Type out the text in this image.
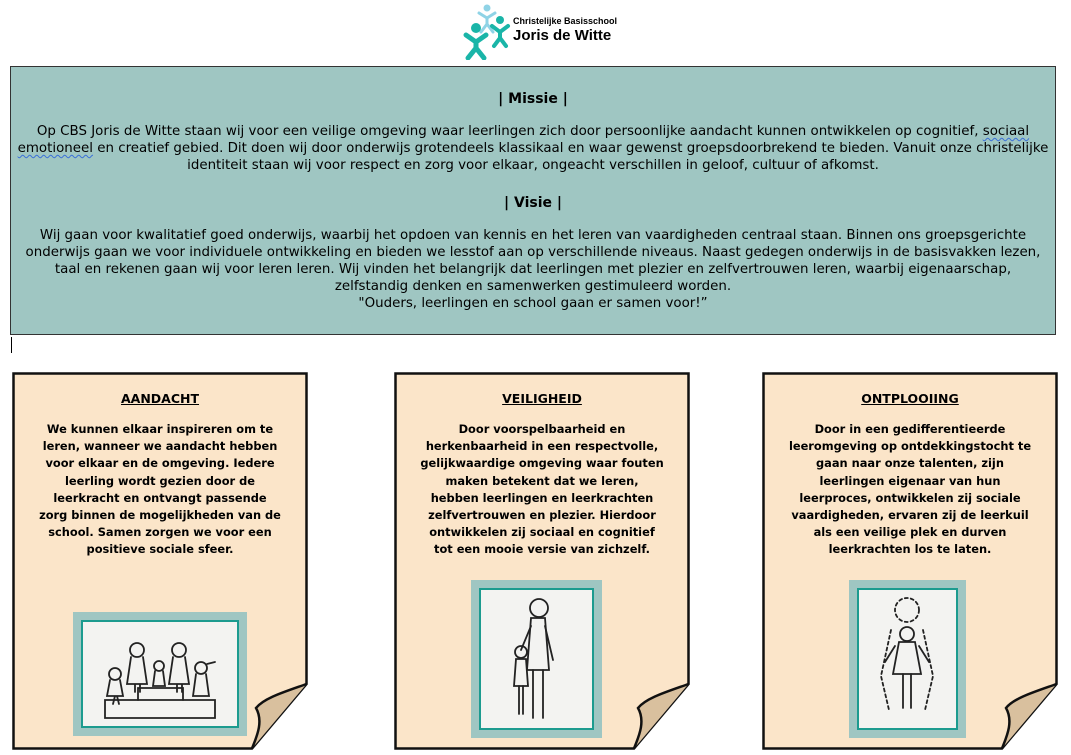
Christelijke Basisschool
Joris de Witte
| Missie |

Op CBS Joris de Witte staan wij voor een veilige omgeving waar leerlingen zich door persoonlijke aandacht kunnen ontwikkelen op cognitief, sociaal emotioneel en creatief gebied. Dit doen wij door onderwijs grotendeels klassikaal en waar gewenst groepsdoorbrekend te bieden. Vanuit onze christelijke identiteit staan wij voor respect en zorg voor elkaar, ongeacht verschillen in geloof, cultuur of afkomst.

| Visie |

Wij gaan voor kwalitatief goed onderwijs, waarbij het opdoen van kennis en het leren van vaardigheden centraal staan. Binnen ons groepsgerichte onderwijs gaan we voor individuele ontwikkeling en bieden we lesstof aan op verschillende niveaus. Naast gedegen onderwijs in de basisvakken lezen, taal en rekenen gaan wij voor leren leren. Wij vinden het belangrijk dat leerlingen met plezier en zelfvertrouwen leren, waarbij eigenaarschap, zelfstandig denken en samenwerken gestimuleerd worden.
"Ouders, leerlingen en school gaan er samen voor!”

AANDACHT
We kunnen elkaar inspireren om te leren, wanneer we aandacht hebben voor elkaar en de omgeving. Iedere leerling wordt gezien door de leerkracht en ontvangt passende zorg binnen de mogelijkheden van de school. Samen zorgen we voor een positieve sociale sfeer.
VEILIGHEID
Door voorspelbaarheid en herkenbaarheid in een respectvolle, gelijkwaardige omgeving waar fouten maken betekent dat we leren, hebben leerlingen en leerkrachten zelfvertrouwen en plezier. Hierdoor ontwikkelen zij sociaal en cognitief tot een mooie versie van zichzelf.
ONTPLOOIING
Door in een gedifferentieerde leeromgeving op ontdekkingstocht te gaan naar onze talenten, zijn leerlingen eigenaar van hun leerproces, ontwikkelen zij sociale vaardigheden, ervaren zij de leerkuil als een veilige plek en durven leerkrachten los te laten.
